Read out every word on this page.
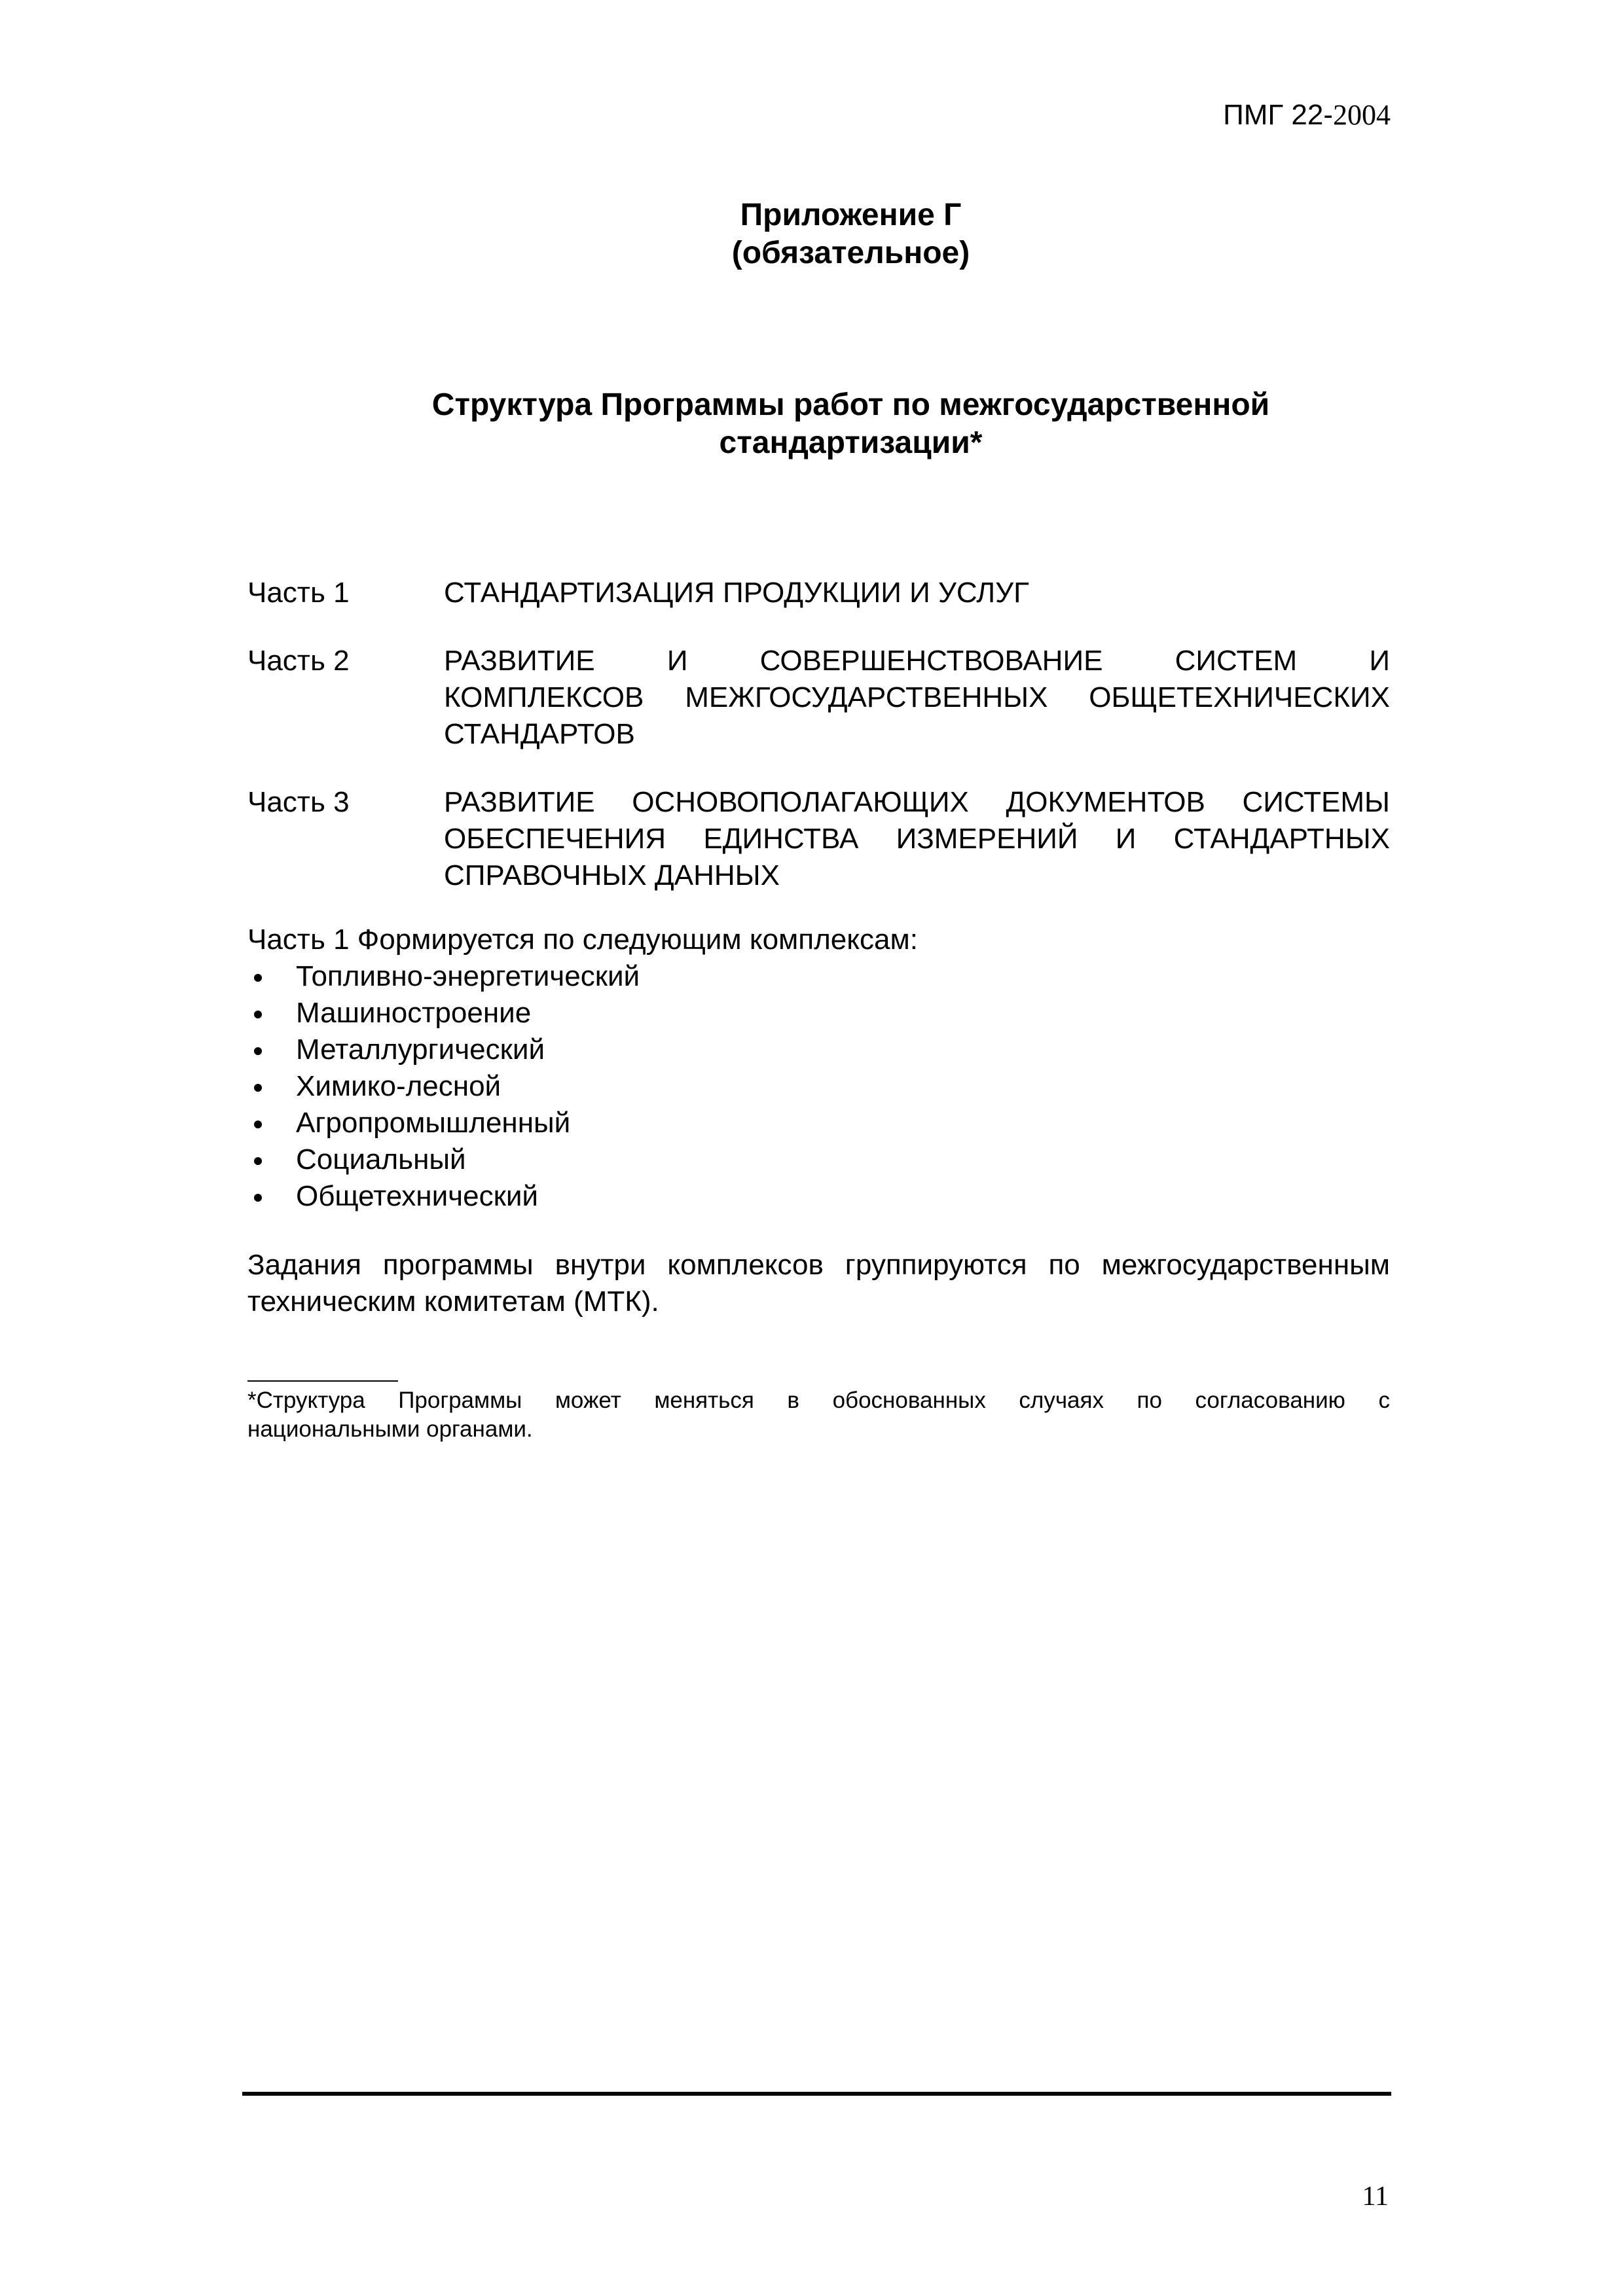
ПМГ 22-2004
Приложение Г
(обязательное)
Структура Программы работ по межгосударственной
стандартизации*
Часть 1	СТАНДАРТИЗАЦИЯ ПРОДУКЦИИ И УСЛУГ
Часть 2	РАЗВИТИЕ И СОВЕРШЕНСТВОВАНИЕ СИСТЕМ И
КОМПЛЕКСОВ МЕЖГОСУДАРСТВЕННЫХ ОБЩЕТЕХНИЧЕСКИХ
СТАНДАРТОВ
Часть 3	РАЗВИТИЕ ОСНОВОПОЛАГАЮЩИХ ДОКУМЕНТОВ СИСТЕМЫ
ОБЕСПЕЧЕНИЯ ЕДИНСТВА ИЗМЕРЕНИЙ И СТАНДАРТНЫХ
СПРАВОЧНЫХ ДАННЫХ
Часть 1 Формируется по следующим комплексам:
Топливно-энергетический
Машиностроение
Металлургический
Химико-лесной
Агропромышленный
Социальный
Общетехнический
Задания программы внутри комплексов группируются по межгосударственным
техническим комитетам (МТК).
*Структура Программы может меняться в обоснованных случаях по согласованию с
национальными органами.
11
